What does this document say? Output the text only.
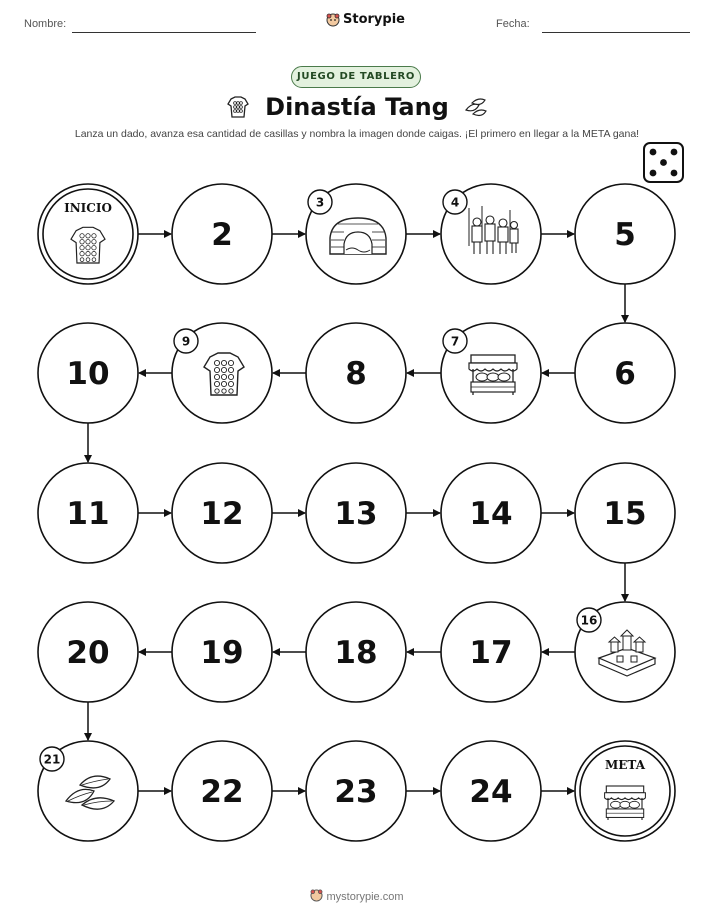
Nombre:	Fecha:
Storypie
JUEGO DE TABLERO
Dinastía Tang
Lanza un dado, avanza esa cantidad de casillas y nombra la imagen donde caigas. ¡El primero en llegar a la META gana!
INICIO
2
3	4
5
6
7
8
9
10
11	12	13	14	15
16
17
18
19
20
21
22	23	24
META
mystorypie.com
